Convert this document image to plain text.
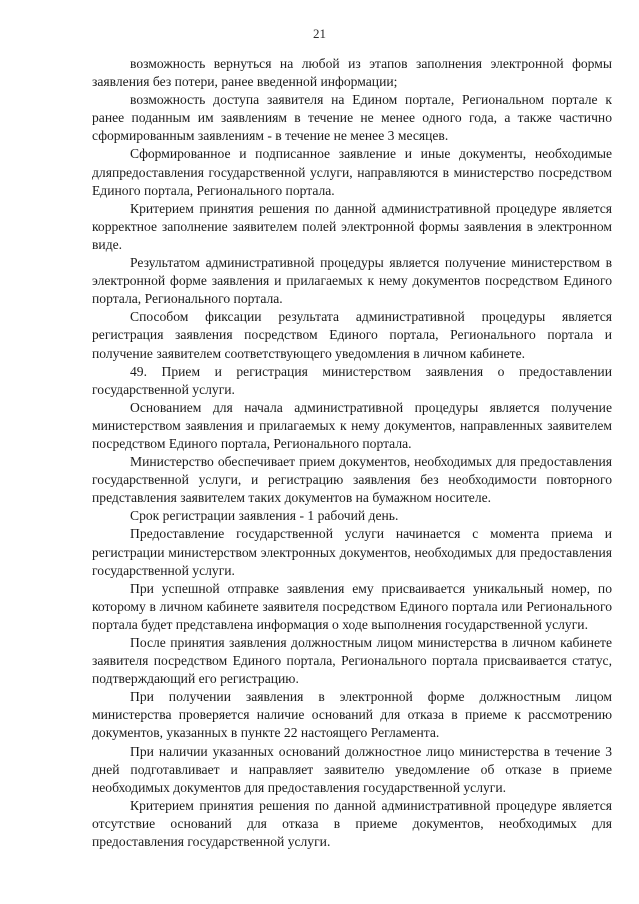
21

возможность вернуться на любой из этапов заполнения электронной формы заявления без потери, ранее введенной информации;

возможность доступа заявителя на Едином портале, Региональном портале к ранее поданным им заявлениям в течение не менее одного года, а также частично сформированным заявлениям - в течение не менее 3 месяцев.

Сформированное и подписанное заявление и иные документы, необходимые дляпредоставления государственной услуги, направляются в министерство посредством Единого портала, Регионального портала.

Критерием принятия решения по данной административной процедуре является корректное заполнение заявителем полей электронной формы заявления в электронном виде.

Результатом административной процедуры является получение министерством в электронной форме заявления и прилагаемых к нему документов посредством Единого портала, Регионального портала.

Способом фиксации результата административной процедуры является регистрация заявления посредством Единого портала, Регионального портала и получение заявителем соответствующего уведомления в личном кабинете.

49. Прием и регистрация министерством заявления о предоставлении государственной услуги.

Основанием для начала административной процедуры является получение министерством заявления и прилагаемых к нему документов, направленных заявителем посредством Единого портала, Регионального портала.

Министерство обеспечивает прием документов, необходимых для предоставления государственной услуги, и регистрацию заявления без необходимости повторного представления заявителем таких документов на бумажном носителе.

Срок регистрации заявления - 1 рабочий день.

Предоставление государственной услуги начинается с момента приема и регистрации министерством электронных документов, необходимых для предоставления государственной услуги.

При успешной отправке заявления ему присваивается уникальный номер, по которому в личном кабинете заявителя посредством Единого портала или Регионального портала будет представлена информация о ходе выполнения государственной услуги.

После принятия заявления должностным лицом министерства в личном кабинете заявителя посредством Единого портала, Регионального портала присваивается статус, подтверждающий его регистрацию.

При получении заявления в электронной форме должностным лицом министерства проверяется наличие оснований для отказа в приеме к рассмотрению документов, указанных в пункте 22 настоящего Регламента.

При наличии указанных оснований должностное лицо министерства в течение 3 дней подготавливает и направляет заявителю уведомление об отказе в приеме необходимых документов для предоставления государственной услуги.

Критерием принятия решения по данной административной процедуре является отсутствие оснований для отказа в приеме документов, необходимых для предоставления государственной услуги.
